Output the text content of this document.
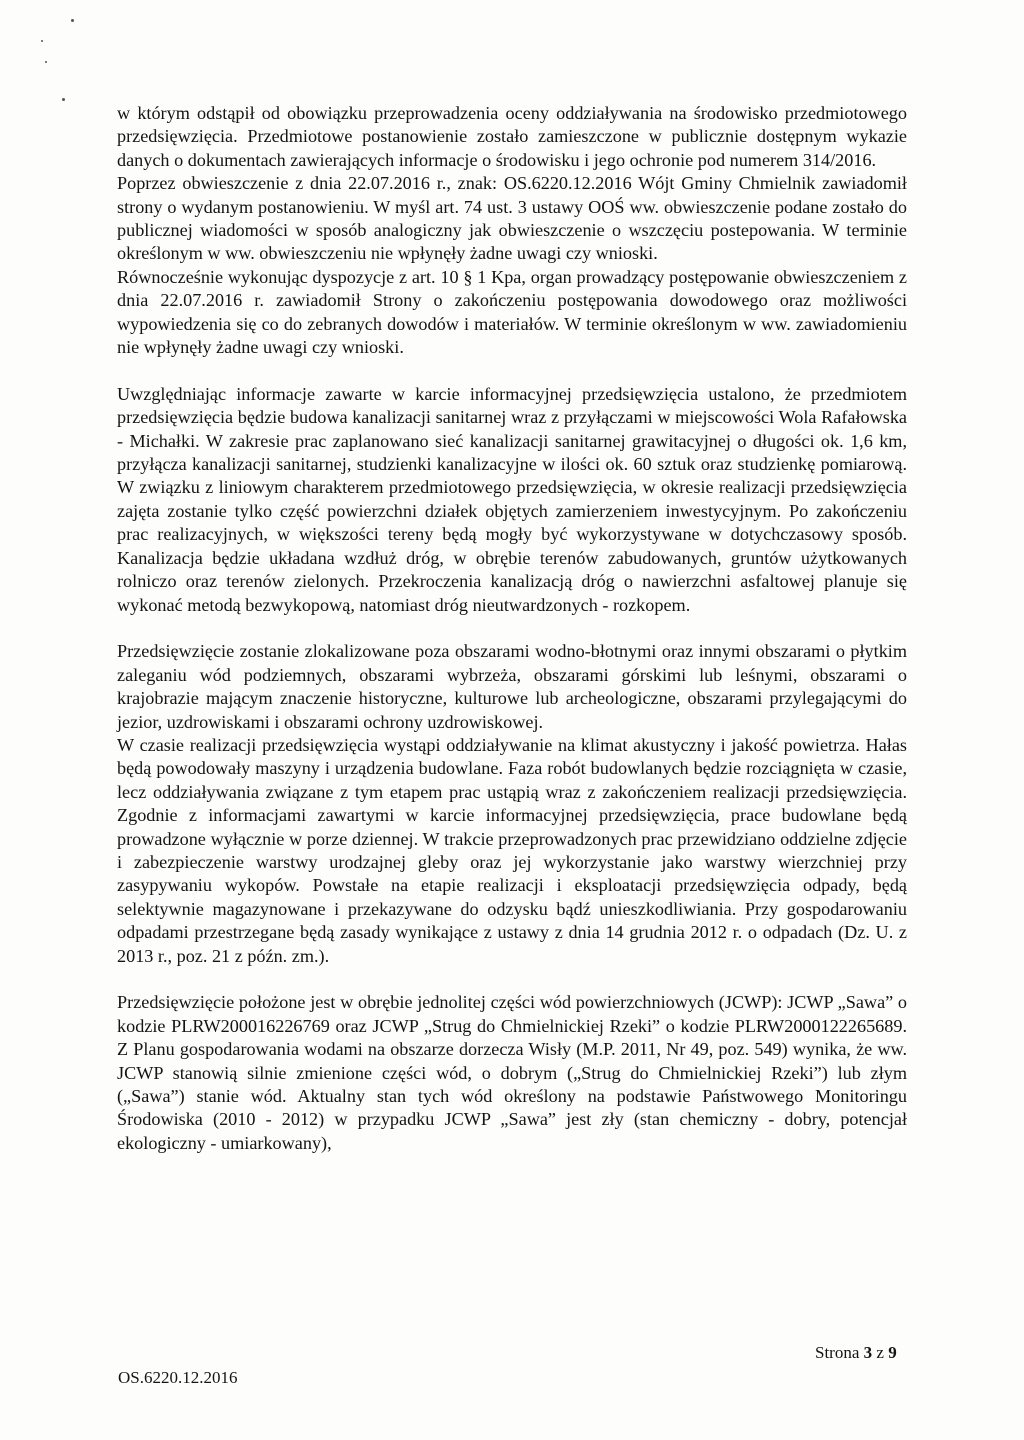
w którym odstąpił od obowiązku przeprowadzenia oceny oddziaływania na środowisko przedmiotowego przedsięwzięcia. Przedmiotowe postanowienie zostało zamieszczone w publicznie dostępnym wykazie danych o dokumentach zawierających informacje o środowisku i jego ochronie pod numerem 314/2016.

Poprzez obwieszczenie z dnia 22.07.2016 r., znak: OS.6220.12.2016 Wójt Gminy Chmielnik zawiadomił strony o wydanym postanowieniu. W myśl art. 74 ust. 3 ustawy OOŚ ww. obwieszczenie podane zostało do publicznej wiadomości w sposób analogiczny jak obwieszczenie o wszczęciu postepowania. W terminie określonym w ww. obwieszczeniu nie wpłynęły żadne uwagi czy wnioski.

Równocześnie wykonując dyspozycje z art. 10 § 1 Kpa, organ prowadzący postępowanie obwieszczeniem z dnia 22.07.2016 r. zawiadomił Strony o zakończeniu postępowania dowodowego oraz możliwości wypowiedzenia się co do zebranych dowodów i materiałów. W terminie określonym w ww. zawiadomieniu nie wpłynęły żadne uwagi czy wnioski.

Uwzględniając informacje zawarte w karcie informacyjnej przedsięwzięcia ustalono, że przedmiotem przedsięwzięcia będzie budowa kanalizacji sanitarnej wraz z przyłączami w miejscowości Wola Rafałowska - Michałki. W zakresie prac zaplanowano sieć kanalizacji sanitarnej grawitacyjnej o długości ok. 1,6 km, przyłącza kanalizacji sanitarnej, studzienki kanalizacyjne w ilości ok. 60 sztuk oraz studzienkę pomiarową. W związku z liniowym charakterem przedmiotowego przedsięwzięcia, w okresie realizacji przedsięwzięcia zajęta zostanie tylko część powierzchni działek objętych zamierzeniem inwestycyjnym. Po zakończeniu prac realizacyjnych, w większości tereny będą mogły być wykorzystywane w dotychczasowy sposób. Kanalizacja będzie układana wzdłuż dróg, w obrębie terenów zabudowanych, gruntów użytkowanych rolniczo oraz terenów zielonych. Przekroczenia kanalizacją dróg o nawierzchni asfaltowej planuje się wykonać metodą bezwykopową, natomiast dróg nieutwardzonych - rozkopem.

Przedsięwzięcie zostanie zlokalizowane poza obszarami wodno-błotnymi oraz innymi obszarami o płytkim zaleganiu wód podziemnych, obszarami wybrzeża, obszarami górskimi lub leśnymi, obszarami o krajobrazie mającym znaczenie historyczne, kulturowe lub archeologiczne, obszarami przylegającymi do jezior, uzdrowiskami i obszarami ochrony uzdrowiskowej.

W czasie realizacji przedsięwzięcia wystąpi oddziaływanie na klimat akustyczny i jakość powietrza. Hałas będą powodowały maszyny i urządzenia budowlane. Faza robót budowlanych będzie rozciągnięta w czasie, lecz oddziaływania związane z tym etapem prac ustąpią wraz z zakończeniem realizacji przedsięwzięcia. Zgodnie z informacjami zawartymi w karcie informacyjnej przedsięwzięcia, prace budowlane będą prowadzone wyłącznie w porze dziennej. W trakcie przeprowadzonych prac przewidziano oddzielne zdjęcie i zabezpieczenie warstwy urodzajnej gleby oraz jej wykorzystanie jako warstwy wierzchniej przy zasypywaniu wykopów. Powstałe na etapie realizacji i eksploatacji przedsięwzięcia odpady, będą selektywnie magazynowane i przekazywane do odzysku bądź unieszkodliwiania. Przy gospodarowaniu odpadami przestrzegane będą zasady wynikające z ustawy z dnia 14 grudnia 2012 r. o odpadach (Dz. U. z 2013 r., poz. 21 z późn. zm.).

Przedsięwzięcie położone jest w obrębie jednolitej części wód powierzchniowych (JCWP): JCWP „Sawa” o kodzie PLRW200016226769 oraz JCWP „Strug do Chmielnickiej Rzeki” o kodzie PLRW2000122265689. Z Planu gospodarowania wodami na obszarze dorzecza Wisły (M.P. 2011, Nr 49, poz. 549) wynika, że ww. JCWP stanowią silnie zmienione części wód, o dobrym („Strug do Chmielnickiej Rzeki”) lub złym („Sawa”) stanie wód. Aktualny stan tych wód określony na podstawie Państwowego Monitoringu Środowiska (2010 - 2012) w przypadku JCWP „Sawa” jest zły (stan chemiczny - dobry, potencjał ekologiczny - umiarkowany),

Strona 3 z 9
OS.6220.12.2016
